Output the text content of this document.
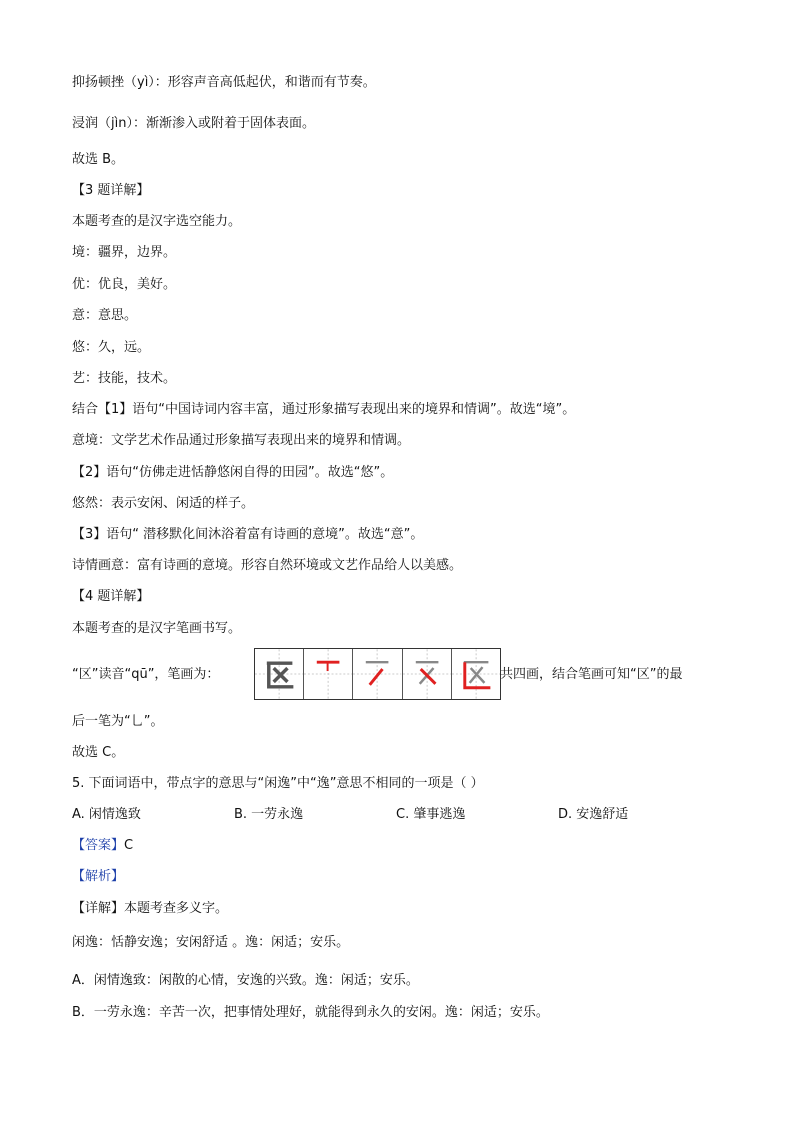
抑扬顿挫（yì）：形容声音高低起伏，和谐而有节奏。
浸润（jìn）：渐渐渗入或附着于固体表面。
故选 B。
【3 题详解】
本题考查的是汉字选空能力。
境：疆界，边界。
优：优良，美好。
意：意思。
悠：久，远。
艺：技能，技术。
结合【1】语句“中国诗词内容丰富，通过形象描写表现出来的境界和情调”。故选“境”。
意境：文学艺术作品通过形象描写表现出来的境界和情调。
【2】语句“仿佛走进恬静悠闲自得的田园”。故选“悠”。
悠然：表示安闲、闲适的样子。
【3】语句“ 潜移默化间沐浴着富有诗画的意境”。故选“意”。
诗情画意：富有诗画的意境。形容自然环境或文艺作品给人以美感。
【4 题详解】
本题考查的是汉字笔画书写。
“区”读音“qū”，笔画为：	共四画，结合笔画可知“区”的最
后一笔为“乚”。
故选 C。
5. 下面词语中，带点字的意思与“闲逸”中“逸”意思不相同的一项是（ ）
A. 闲情逸致	B. 一劳永逸	C. 肇事逃逸	D. 安逸舒适
【答案】C
【解析】
【详解】本题考查多义字。
闲逸：恬静安逸；安闲舒适 。逸：闲适；安乐。
A．闲情逸致：闲散的心情，安逸的兴致。逸：闲适；安乐。
B．一劳永逸：辛苦一次，把事情处理好，就能得到永久的安闲。逸：闲适；安乐。
